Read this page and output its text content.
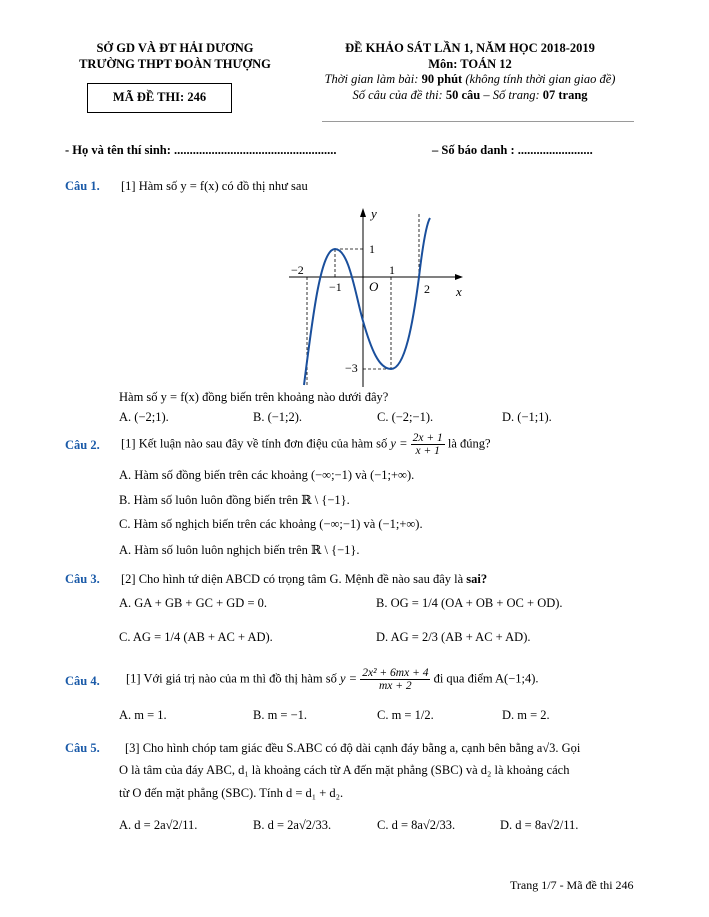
SỞ GD VÀ ĐT HẢI DƯƠNG
TRƯỜNG THPT ĐOÀN THƯỢNG
MÃ ĐỀ THI: 246
ĐỀ KHẢO SÁT LẦN 1, NĂM HỌC 2018-2019
Môn: TOÁN 12
Thời gian làm bài: 90 phút (không tính thời gian giao đề)
Số câu của đề thi: 50 câu – Số trang: 07 trang
- Họ và tên thí sinh: ....................................................	– Số báo danh : ........................
Câu 1. [1] Hàm số y = f(x) có đồ thị như sau
y
x
O
1
−2
−1
1
2
−3
Hàm số y = f(x) đồng biến trên khoảng nào dưới đây?
A. (−2;1).	B. (−1;2).	C. (−2;−1).	D. (−1;1).
Câu 2. [1] Kết luận nào sau đây về tính đơn điệu của hàm số $y = \frac{2x + 1}{x + 1}$ là đúng?
A. Hàm số đồng biến trên các khoảng (−∞;−1) và (−1;+∞).
B. Hàm số luôn luôn đồng biến trên ℝ \ {−1}.
C. Hàm số nghịch biến trên các khoảng (−∞;−1) và (−1;+∞).
A. Hàm số luôn luôn nghịch biến trên ℝ \ {−1}.
Câu 3. [2] Cho hình tứ diện ABCD có trọng tâm G. Mệnh đề nào sau đây là sai?
A. GA + GB + GC + GD = 0.	B. OG = 1/4 (OA + OB + OC + OD).
C. AG = 1/4 (AB + AC + AD).	D. AG = 2/3 (AB + AC + AD).
Câu 4. [1] Với giá trị nào của m thì đồ thị hàm số $y = \frac{\text{2x² + 6mx + 4}}{mx + 2}$ đi qua điểm A(−1;4).
A. m = 1.	B. m = −1.	C. m = 1/2.	D. m = 2.
Câu 5. [3] Cho hình chóp tam giác đều S.ABC có độ dài cạnh đáy bằng a, cạnh bên bằng a√3. Gọi
O là tâm của đáy ABC, d₁ là khoảng cách từ A đến mặt phẳng (SBC) và d₂ là khoảng cách
từ O đến mặt phẳng (SBC). Tính d = d₁ + d₂.
A. d = 2a√2/11.	B. d = 2a√2/33.	C. d = 8a√2/33.	D. d = 8a√2/11.
Trang 1/7 - Mã đề thi 246
